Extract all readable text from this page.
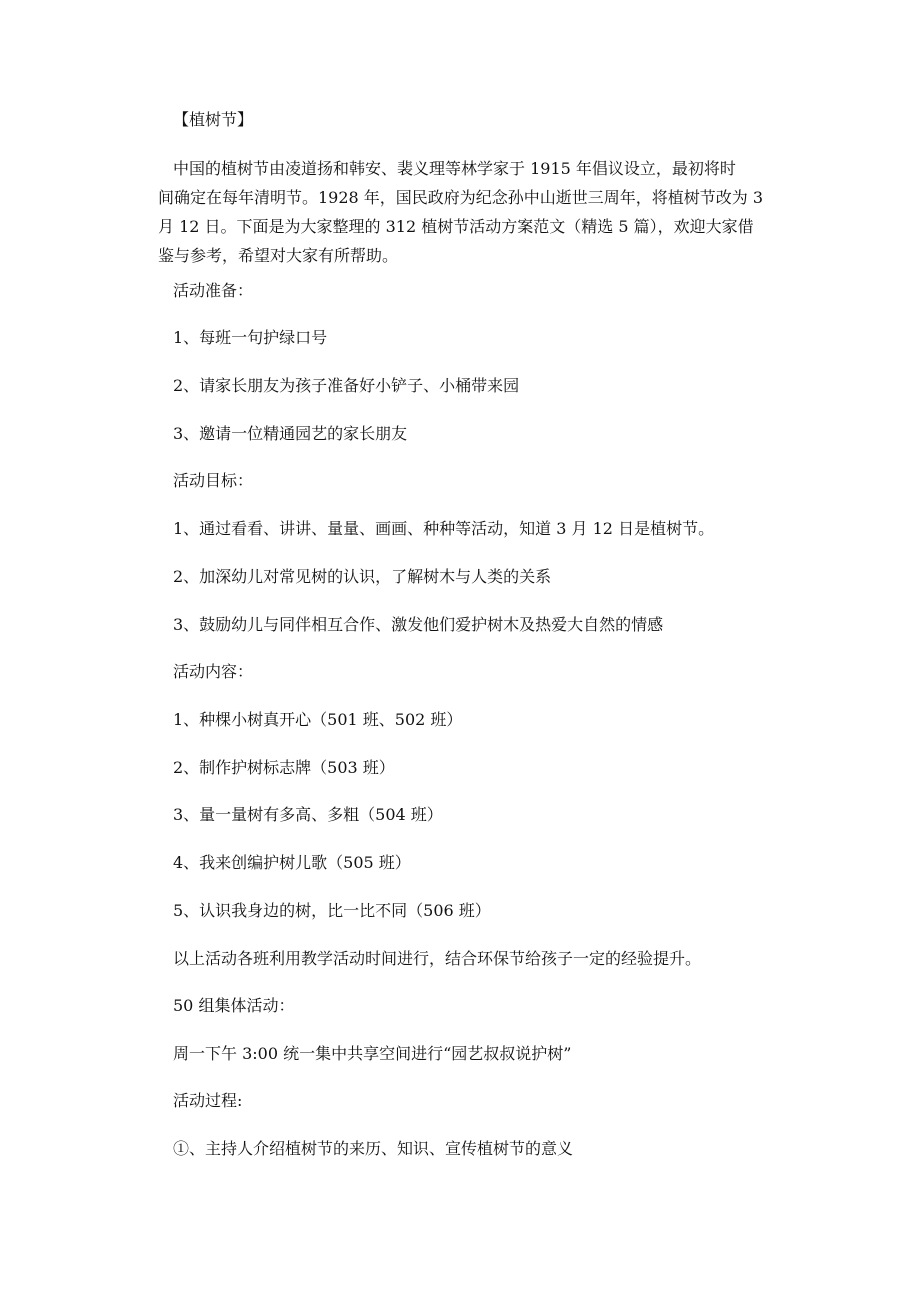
【植树节】

中国的植树节由凌道扬和韩安、裴义理等林学家于 1915 年倡议设立，最初将时
间确定在每年清明节。1928 年，国民政府为纪念孙中山逝世三周年，将植树节改为 3
月 12 日。下面是为大家整理的 312 植树节活动方案范文（精选 5 篇），欢迎大家借
鉴与参考，希望对大家有所帮助。

活动准备：

1、每班一句护绿口号

2、请家长朋友为孩子准备好小铲子、小桶带来园

3、邀请一位精通园艺的家长朋友

活动目标：

1、通过看看、讲讲、量量、画画、种种等活动，知道 3 月 12 日是植树节。

2、加深幼儿对常见树的认识，了解树木与人类的关系

3、鼓励幼儿与同伴相互合作、激发他们爱护树木及热爱大自然的情感

活动内容：

1、种棵小树真开心（501 班、502 班）

2、制作护树标志牌（503 班）

3、量一量树有多高、多粗（504 班）

4、我来创编护树儿歌（505 班）

5、认识我身边的树，比一比不同（506 班）

以上活动各班利用教学活动时间进行，结合环保节给孩子一定的经验提升。

50 组集体活动：

周一下午 3:00 统一集中共享空间进行“园艺叔叔说护树”

活动过程:

①、主持人介绍植树节的来历、知识、宣传植树节的意义
